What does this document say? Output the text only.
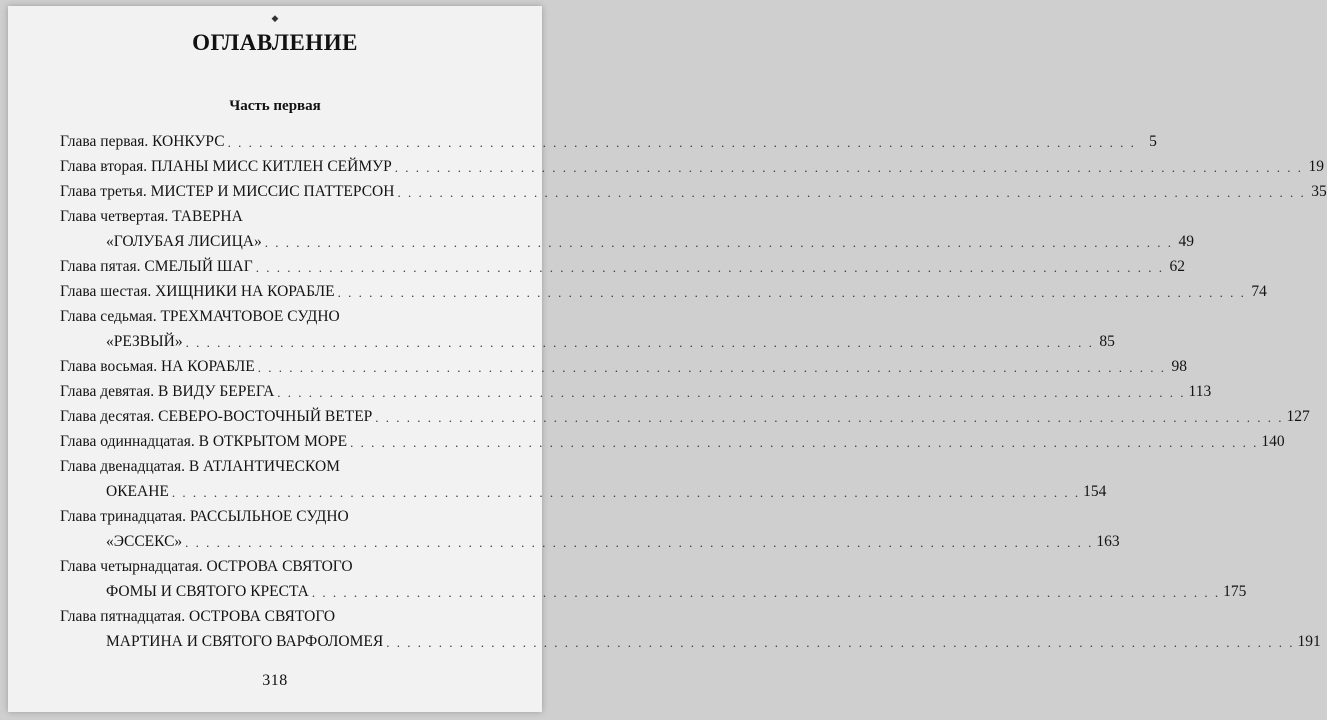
◆
ОГЛАВЛЕНИЕ
Часть первая
Глава первая. КОНКУРС . . .	5
Глава вторая. ПЛАНЫ МИСС КИТЛЕН СЕЙМУР . . .	19
Глава третья. МИСТЕР И МИССИС ПАТТЕРСОН . . .	35
Глава четвертая. ТАВЕРНА
«ГОЛУБАЯ ЛИСИЦА» . . .	49
Глава пятая. СМЕЛЫЙ ШАГ . . .	62
Глава шестая. ХИЩНИКИ НА КОРАБЛЕ . . .	74
Глава седьмая. ТРЕХМАЧТОВОЕ СУДНО
«РЕЗВЫЙ» . . .	85
Глава восьмая. НА КОРАБЛЕ . . .	98
Глава девятая. В ВИДУ БЕРЕГА . . .	113
Глава десятая. СЕВЕРО-ВОСТОЧНЫЙ ВЕТЕР . . .	127
Глава одиннадцатая. В ОТКРЫТОМ МОРЕ . . .	140
Глава двенадцатая. В АТЛАНТИЧЕСКОМ
ОКЕАНЕ . . .	154
Глава тринадцатая. РАССЫЛЬНОЕ СУДНО
«ЭССЕКС» . . .	163
Глава четырнадцатая. ОСТРОВА СВЯТОГО
ФОМЫ И СВЯТОГО КРЕСТА . . .	175
Глава пятнадцатая. ОСТРОВА СВЯТОГО
МАРТИНА И СВЯТОГО ВАРФОЛОМЕЯ . . .	191
318
